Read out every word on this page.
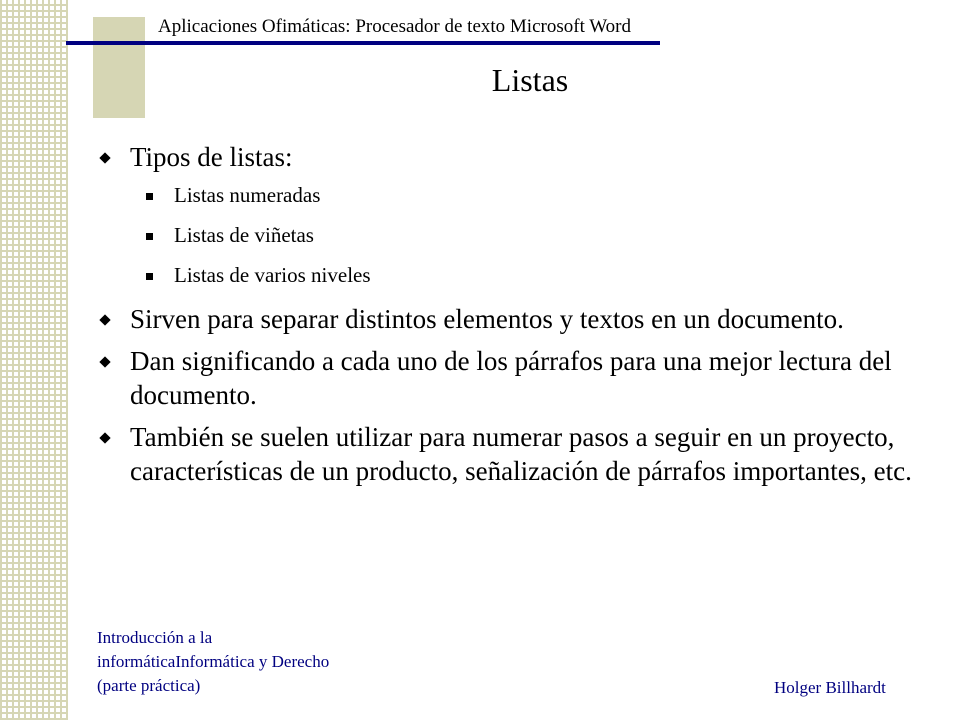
Aplicaciones Ofimáticas: Procesador de texto Microsoft Word
Listas
Tipos de listas:
Listas numeradas
Listas de viñetas
Listas de varios niveles
Sirven para separar distintos elementos y textos en un documento.
Dan significando a cada uno de los párrafos para una mejor lectura del documento.
También se suelen utilizar para numerar pasos a seguir en un proyecto, características de un producto, señalización de párrafos importantes, etc.
Introducción a la
informáticaInformática y Derecho
(parte práctica)	Holger Billhardt
